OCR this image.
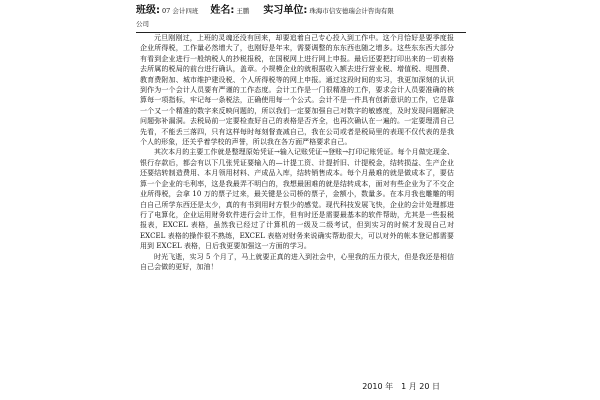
班级: 07 会计四班 姓名: 王鹏 实习单位: 珠海市信安德瑞会计咨询有限
公司

元旦刚刚过，上班的灵魂还没有回来，却要追着自己专心投入到工作中。这个月恰好是要季度报企业所得税，工作量必然增大了，也刚好是年末，需要调整的东东西也随之增多。这些东东西大部分有看到企业进行一般纳税人的抄税报税，在国税网上进行网上申报。最后还要把打印出来的一切表格去所属的税局的前台进行确认，盖章。小规模企业的就根据收入额去进行营业税、增值税、堤围费、教育费附加、城市维护建设税、个人所得税等的网上申报。通过这段时间的实习，我更加深刻的认识到作为一个会计人员要有严谨的工作态度。会计工作是一门很精准的工作，要求会计人员要准确的核算每一项指标，牢记每一条税法，正确使用每一个公式。会计不是一件具有创新意识的工作，它是靠一个又一个精准的数字来反映问题的，所以我们一定要加强自己对数字的敏感度，及时发现问题解决问题弥补漏洞。去税局前一定要检查好自己的表格是否齐全，也再次确认在一遍的。一定要理清自己先看，不能丢三落四，只有这样每时每刻督查减自己，我在公司或者是税局里的表现不仅代表的是我个人的形象，还关乎着学校的声誉，所以我在各方面严格要求自己。

其次本月的主要工作就是整理原始凭证→输入记账凭证→登账→打印记账凭证。每个月做完现金、银行存款后，都会有以下几张凭证要输入的—计提工资、计提折旧、计提税金，结转损益、生产企业还要结转制造费用、本月领用材料、产成品入库，结转销售成本。每个月最难的就是做成本了，要估算一个企业的毛利率，这是我最弄不明白的，我想最困难的就是结转成本，面对有些企业为了不交企业所得税，会拿 10 万的票子过来，最关键是公司桥的票子，金额小，数量多。在本月我也雕雕的明白自己所学东西还是太少，真的有书到用时方恨少的感觉。现代科技发展飞快，企业的会计处理都进行了电算化，企业运用财务软件进行会计工作，但有时还是需要最基本的软件帮助，尤其是一些报税报表，EXCEL 表格，虽然我已经过了计算机的一级及二级考试，但到实习的时候才发现自己对 EXCEL 表格的操作很不熟练，EXCEL 表格对财务来说确实帮助很大，可以对外的帐本登记都需要用到 EXCEL 表格，日后我更要加强这一方面的学习。

时光飞逝，实习 5 个月了，马上就要正真的进入到社会中，心里我的压力很大，但是我还是相信自己会做的更好，加油！

2010 年　1 月 20 日
